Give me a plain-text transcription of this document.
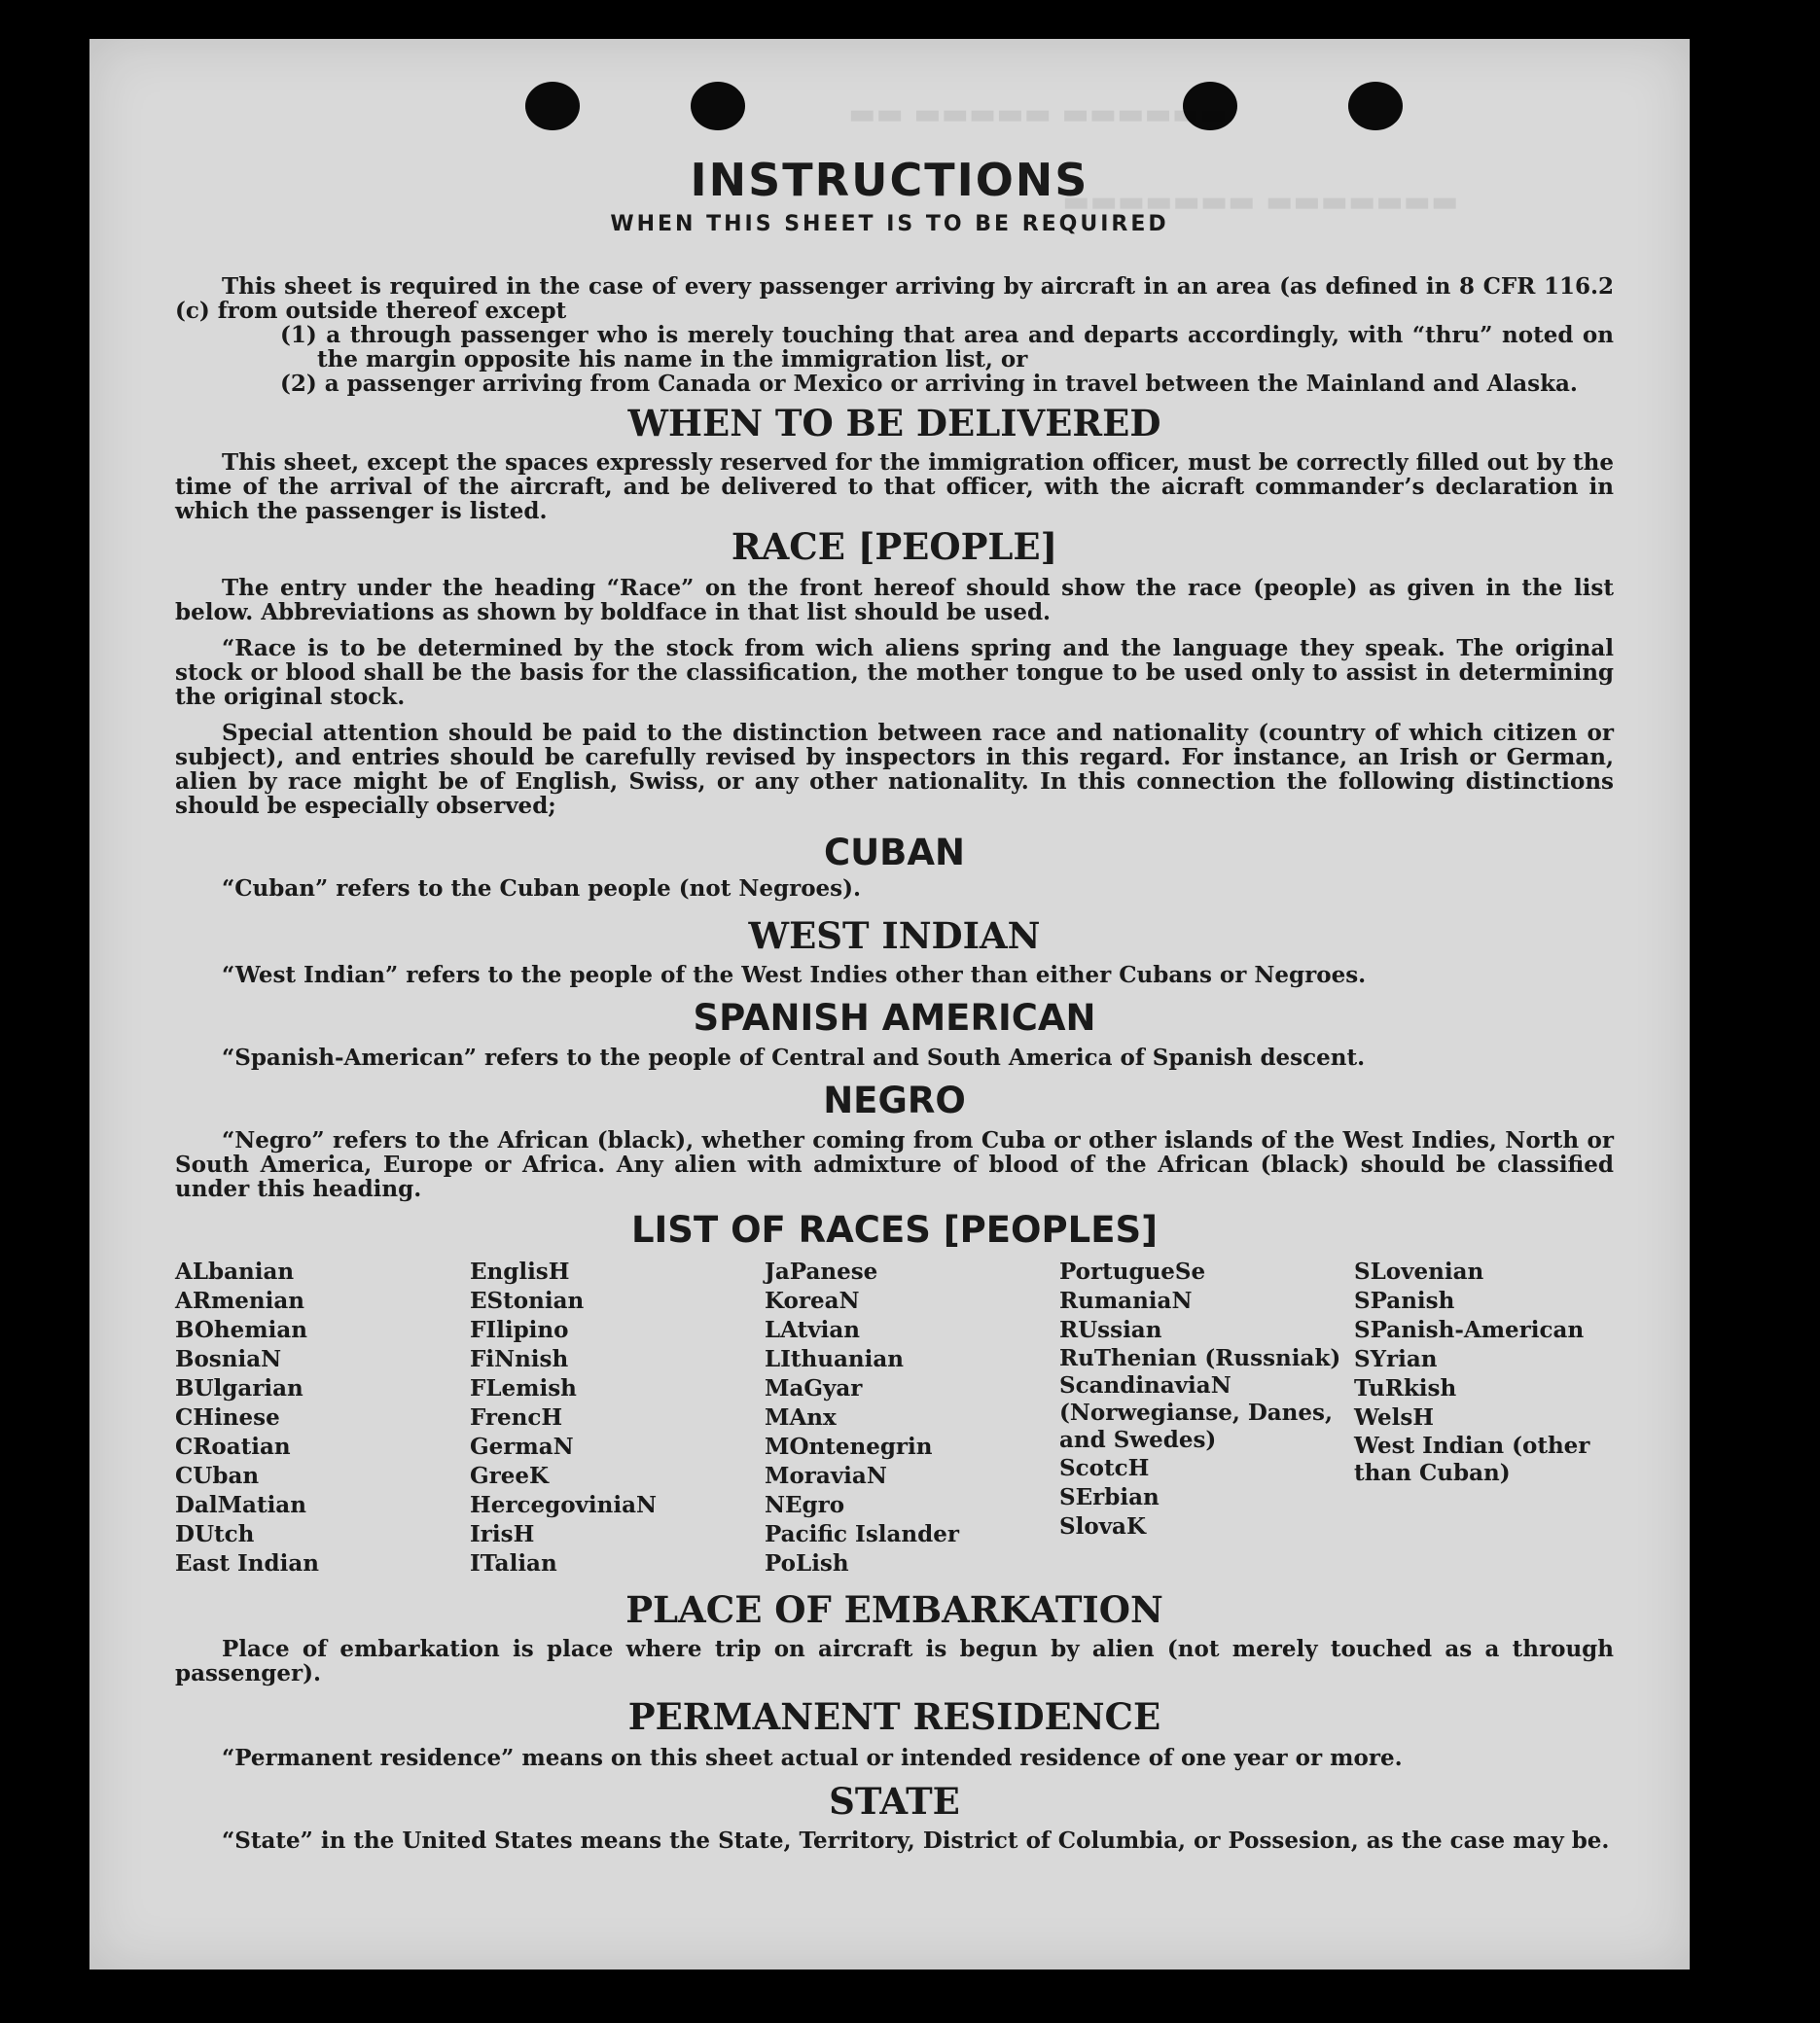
▬▬▬▬▬▬ ▬▬▬▬▬ ▬▬
▬▬▬▬▬▬▬ ▬▬▬▬▬▬▬
INSTRUCTIONS
WHEN THIS SHEET IS TO BE REQUIRED

This sheet is required in the case of every passenger arriving by aircraft in an area (as defined in 8 CFR 116.2 (c) from outside thereof except

(1) a through passenger who is merely touching that area and departs accordingly, with “thru” noted on the margin opposite his name in the immigration list, or
(2) a passenger arriving from Canada or Mexico or arriving in travel between the Mainland and Alaska.
WHEN TO BE DELIVERED

This sheet, except the spaces expressly reserved for the immigration officer, must be correctly filled out by the time of the arrival of the aircraft, and be delivered to that officer, with the aicraft commander’s declaration in which the passenger is listed.

RACE [PEOPLE]

The entry under the heading “Race” on the front hereof should show the race (people) as given in the list below. Abbreviations as shown by boldface in that list should be used.

“Race is to be determined by the stock from wich aliens spring and the language they speak. The original stock or blood shall be the basis for the classification, the mother tongue to be used only to assist in determining the original stock.

Special attention should be paid to the distinction between race and nationality (country of which citizen or subject), and entries should be carefully revised by inspectors in this regard. For instance, an Irish or German, alien by race might be of English, Swiss, or any other nationality. In this connection the following distinctions should be especially observed;

CUBAN

“Cuban” refers to the Cuban people (not Negroes).

WEST INDIAN

“West Indian” refers to the people of the West Indies other than either Cubans or Negroes.

SPANISH AMERICAN

“Spanish-American” refers to the people of Central and South America of Spanish descent.

NEGRO

“Negro” refers to the African (black), whether coming from Cuba or other islands of the West Indies, North or South America, Europe or Africa. Any alien with admixture of blood of the African (black) should be classified under this heading.

LIST OF RACES [PEOPLES]
ALbanian
ARmenian
BOhemian
BosniaN
BUlgarian
CHinese
CRoatian
CUban
DalMatian
DUtch
East Indian
EnglisH
EStonian
FIlipino
FiNnish
FLemish
FrencH
GermaN
GreeK
HercegoviniaN
IrisH
ITalian
JaPanese
KoreaN
LAtvian
LIthuanian
MaGyar
MAnx
MOntenegrin
MoraviaN
NEgro
Pacific Islander
PoLish
PortugueSe
RumaniaN
RUssian
RuThenian (Russniak)
ScandinaviaN (Norwegianse, Danes, and Swedes)
ScotcH
SErbian
SlovaK
SLovenian
SPanish
SPanish-American
SYrian
TuRkish
WelsH
West Indian (other than Cuban)
PLACE OF EMBARKATION

Place of embarkation is place where trip on aircraft is begun by alien (not merely touched as a through passenger).

PERMANENT RESIDENCE

“Permanent residence” means on this sheet actual or intended residence of one year or more.

STATE

“State” in the United States means the State, Territory, District of Columbia, or Possesion, as the case may be.
